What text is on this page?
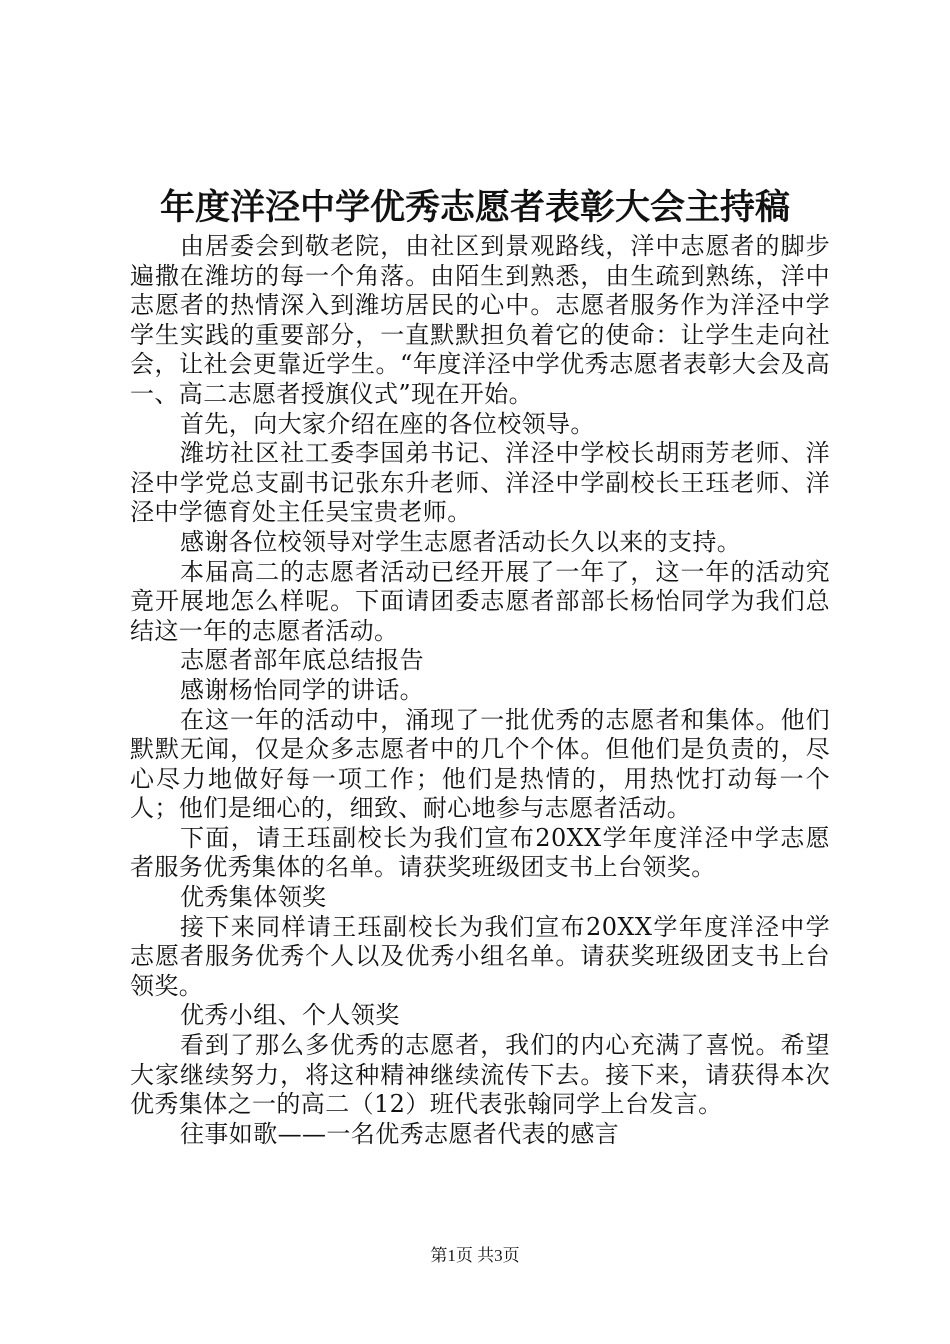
年度洋泾中学优秀志愿者表彰大会主持稿

由居委会到敬老院，由社区到景观路线，洋中志愿者的脚步遍撒在潍坊的每一个角落。由陌生到熟悉，由生疏到熟练，洋中志愿者的热情深入到潍坊居民的心中。志愿者服务作为洋泾中学学生实践的重要部分，一直默默担负着它的使命：让学生走向社会，让社会更靠近学生。“年度洋泾中学优秀志愿者表彰大会及高一、高二志愿者授旗仪式”现在开始。

首先，向大家介绍在座的各位校领导。

潍坊社区社工委李国弟书记、洋泾中学校长胡雨芳老师、洋泾中学党总支副书记张东升老师、洋泾中学副校长王珏老师、洋泾中学德育处主任吴宝贵老师。

感谢各位校领导对学生志愿者活动长久以来的支持。

本届高二的志愿者活动已经开展了一年了，这一年的活动究竟开展地怎么样呢。下面请团委志愿者部部长杨怡同学为我们总结这一年的志愿者活动。

志愿者部年底总结报告

感谢杨怡同学的讲话。

在这一年的活动中，涌现了一批优秀的志愿者和集体。他们默默无闻，仅是众多志愿者中的几个个体。但他们是负责的，尽心尽力地做好每一项工作；他们是热情的，用热忱打动每一个人；他们是细心的，细致、耐心地参与志愿者活动。

下面，请王珏副校长为我们宣布20XX学年度洋泾中学志愿者服务优秀集体的名单。请获奖班级团支书上台领奖。

优秀集体领奖

接下来同样请王珏副校长为我们宣布20XX学年度洋泾中学志愿者服务优秀个人以及优秀小组名单。请获奖班级团支书上台领奖。

优秀小组、个人领奖

看到了那么多优秀的志愿者，我们的内心充满了喜悦。希望大家继续努力，将这种精神继续流传下去。接下来，请获得本次优秀集体之一的高二（12）班代表张翰同学上台发言。

往事如歌——一名优秀志愿者代表的感言

第1页 共3页
